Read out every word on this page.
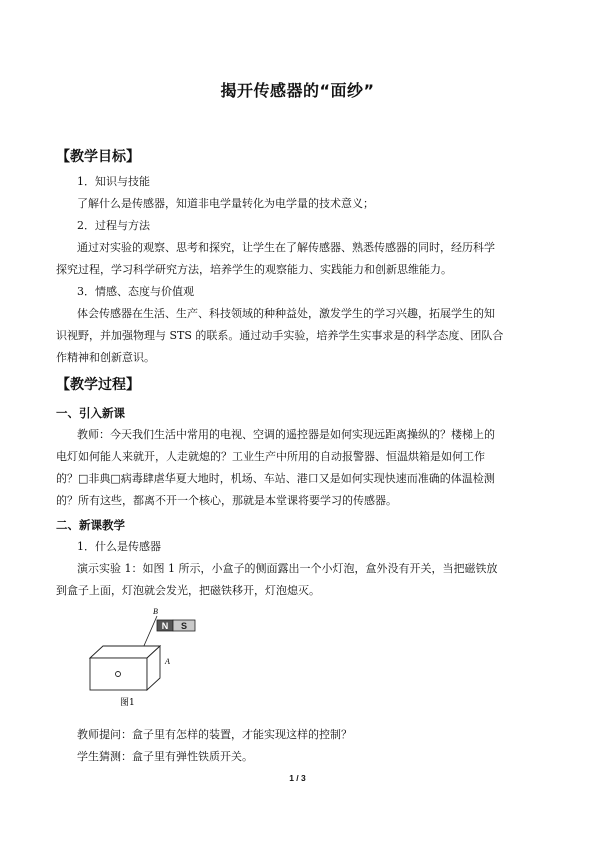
揭开传感器的“面纱”
【教学目标】
1．知识与技能
了解什么是传感器，知道非电学量转化为电学量的技术意义；
2．过程与方法
通过对实验的观察、思考和探究，让学生在了解传感器、熟悉传感器的同时，经历科学
探究过程，学习科学研究方法，培养学生的观察能力、实践能力和创新思维能力。
3．情感、态度与价值观
体会传感器在生活、生产、科技领域的种种益处，激发学生的学习兴趣，拓展学生的知
识视野，并加强物理与 STS 的联系。通过动手实验，培养学生实事求是的科学态度、团队合
作精神和创新意识。
【教学过程】
一、引入新课
教师：今天我们生活中常用的电视、空调的遥控器是如何实现远距离操纵的？楼梯上的
电灯如何能人来就开，人走就熄的？工业生产中所用的自动报警器、恒温烘箱是如何工作
的？□非典□病毒肆虐华夏大地时，机场、车站、港口又是如何实现快速而准确的体温检测
的？所有这些，都离不开一个核心，那就是本堂课将要学习的传感器。
二、新课教学
1．什么是传感器
演示实验 1：如图 1 所示，小盒子的侧面露出一个小灯泡，盒外没有开关，当把磁铁放
到盒子上面，灯泡就会发光，把磁铁移开，灯泡熄灭。
N S
B
A
图1
教师提问：盒子里有怎样的装置，才能实现这样的控制？
学生猜测：盒子里有弹性铁质开关。
1 / 3
